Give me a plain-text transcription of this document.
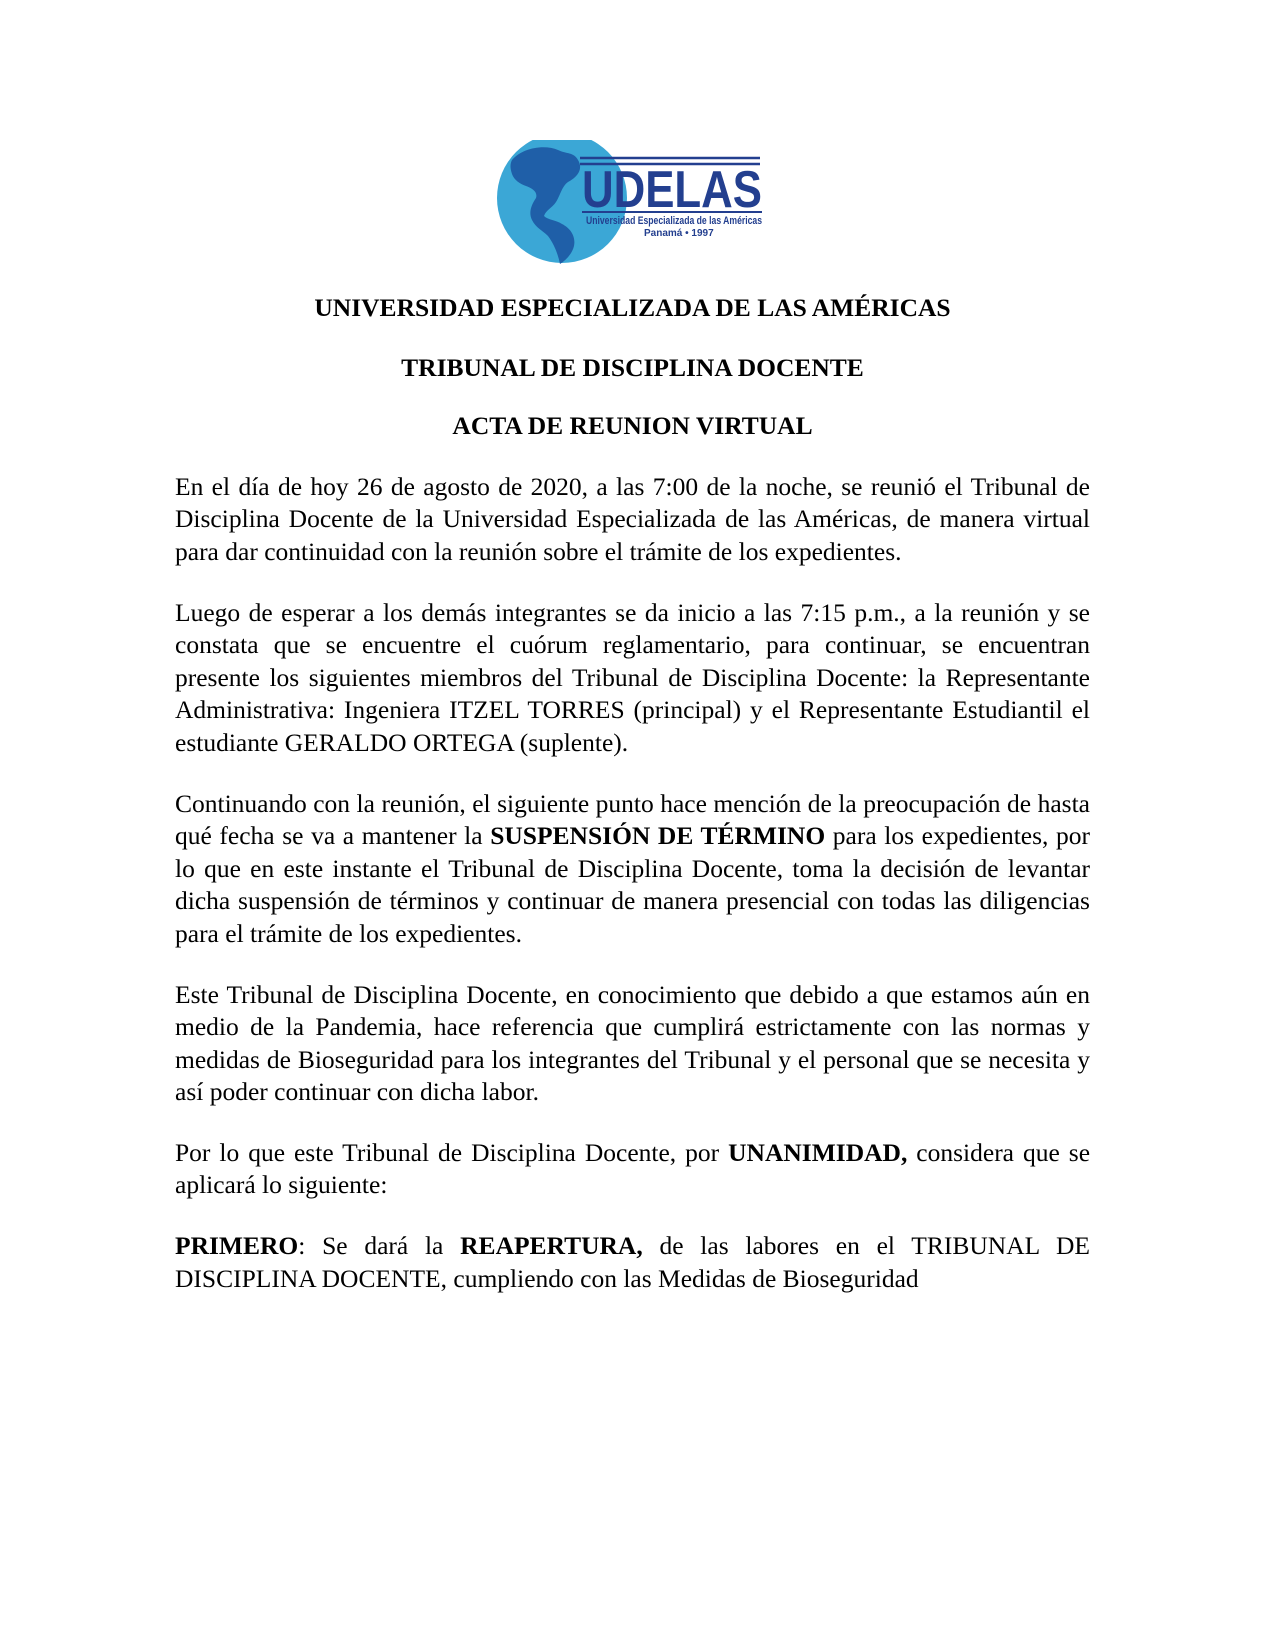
UDELAS
Universidad Especializada de las Américas
Panamá • 1997

UNIVERSIDAD ESPECIALIZADA DE LAS AMÉRICAS

TRIBUNAL DE DISCIPLINA DOCENTE

ACTA DE REUNION VIRTUAL

En el día de hoy 26 de agosto de 2020, a las 7:00 de la noche, se reunió el Tribunal de Disciplina Docente de la Universidad Especializada de las Américas, de manera virtual para dar continuidad con la reunión sobre el trámite de los expedientes.

Luego de esperar a los demás integrantes se da inicio a las 7:15 p.m., a la reunión y se constata que se encuentre el cuórum reglamentario, para continuar, se encuentran presente los siguientes miembros del Tribunal de Disciplina Docente: la Representante Administrativa: Ingeniera ITZEL TORRES (principal) y el Representante Estudiantil el estudiante GERALDO ORTEGA (suplente).

Continuando con la reunión, el siguiente punto hace mención de la preocupación de hasta qué fecha se va a mantener la SUSPENSIÓN DE TÉRMINO para los expedientes, por lo que en este instante el Tribunal de Disciplina Docente, toma la decisión de levantar dicha suspensión de términos y continuar de manera presencial con todas las diligencias para el trámite de los expedientes.

Este Tribunal de Disciplina Docente, en conocimiento que debido a que estamos aún en medio de la Pandemia, hace referencia que cumplirá estrictamente con las normas y medidas de Bioseguridad para los integrantes del Tribunal y el personal que se necesita y así poder continuar con dicha labor.

Por lo que este Tribunal de Disciplina Docente, por UNANIMIDAD, considera que se aplicará lo siguiente:

PRIMERO: Se dará la REAPERTURA, de las labores en el TRIBUNAL DE DISCIPLINA DOCENTE, cumpliendo con las Medidas de Bioseguridad
